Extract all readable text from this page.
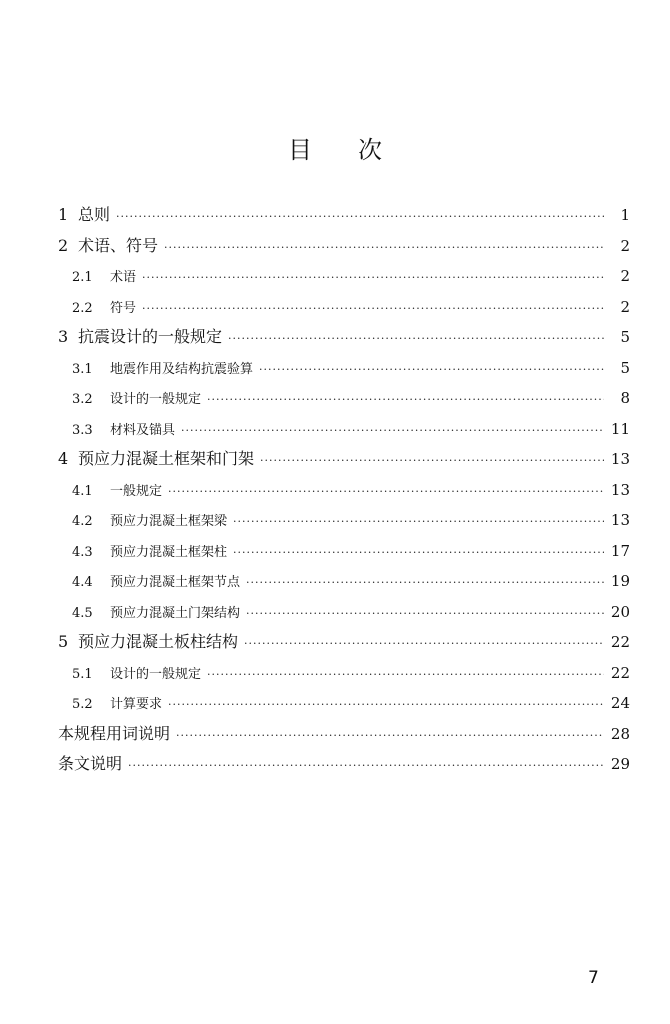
目 次
1 总则 ·····	1
2 术语、符号 ·····	2
2.1	术语 ·····	2
2.2	符号 ·····	2
3 抗震设计的一般规定 ·····	5
3.1	地震作用及结构抗震验算 ·····	5
3.2	设计的一般规定 ·····	8
3.3	材料及锚具 ·····	11
4 预应力混凝土框架和门架 ·····	13
4.1	一般规定 ·····	13
4.2	预应力混凝土框架梁 ·····	13
4.3	预应力混凝土框架柱 ·····	17
4.4	预应力混凝土框架节点 ·····	19
4.5	预应力混凝土门架结构 ·····	20
5 预应力混凝土板柱结构 ·····	22
5.1	设计的一般规定 ·····	22
5.2	计算要求 ·····	24
本规程用词说明 ·····	28
条文说明 ·····	29
7
